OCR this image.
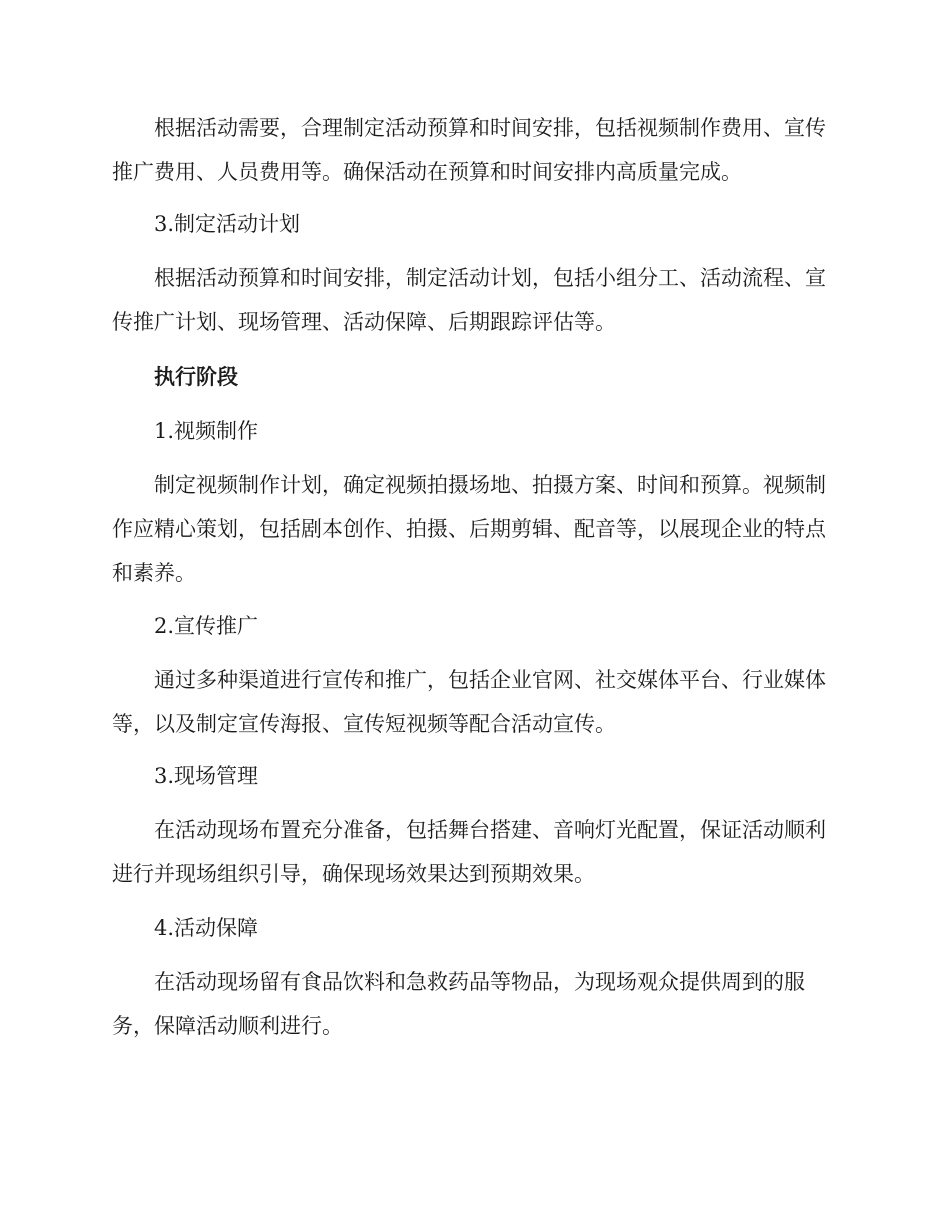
根据活动需要，合理制定活动预算和时间安排，包括视频制作费用、宣传推广费用、人员费用等。确保活动在预算和时间安排内高质量完成。

3.制定活动计划

根据活动预算和时间安排，制定活动计划，包括小组分工、活动流程、宣传推广计划、现场管理、活动保障、后期跟踪评估等。

执行阶段

1.视频制作

制定视频制作计划，确定视频拍摄场地、拍摄方案、时间和预算。视频制作应精心策划，包括剧本创作、拍摄、后期剪辑、配音等，以展现企业的特点和素养。

2.宣传推广

通过多种渠道进行宣传和推广，包括企业官网、社交媒体平台、行业媒体等，以及制定宣传海报、宣传短视频等配合活动宣传。

3.现场管理

在活动现场布置充分准备，包括舞台搭建、音响灯光配置，保证活动顺利进行并现场组织引导，确保现场效果达到预期效果。

4.活动保障

在活动现场留有食品饮料和急救药品等物品，为现场观众提供周到的服务，保障活动顺利进行。
